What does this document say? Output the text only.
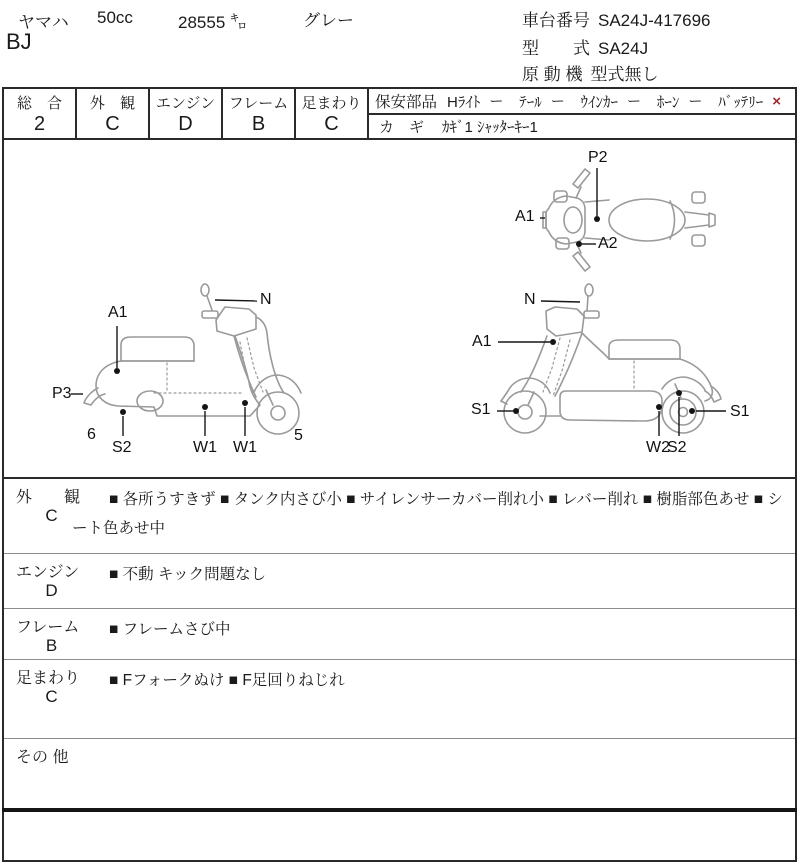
ヤマハ 50cc	28555 ㌔	グレー
BJ
車台番号 SA24J-417696
型　　式 SA24J
原 動 機 型式無し
総　合
2
外　観
C
エンジン
D
フレーム
B
足まわり
C
保安部品 Hﾗｲﾄ ー ﾃｰﾙ ー ｳｲﾝｶｰ ー ﾎｰﾝ ー ﾊﾞｯﾃﾘｰ ×
カ　ギ ｶｷﾞ1 ｼｬｯﾀｰｷｰ1
P2
A1
A2
N
A1
P3
6
S2	W1 W1
5
N
A1
S1	S1
W2
S2
外　　観
C
■ 各所うすきず ■ タンク内さび小 ■ サイレンサーカバー削れ小 ■ レバー削れ ■ 樹脂部色あせ ■ シート色あせ中
エンジン
D
■ 不動 キック問題なし
フレーム
B
■ フレームさび中
足まわり
C
■ Fフォークぬけ ■ F足回りねじれ
その 他
